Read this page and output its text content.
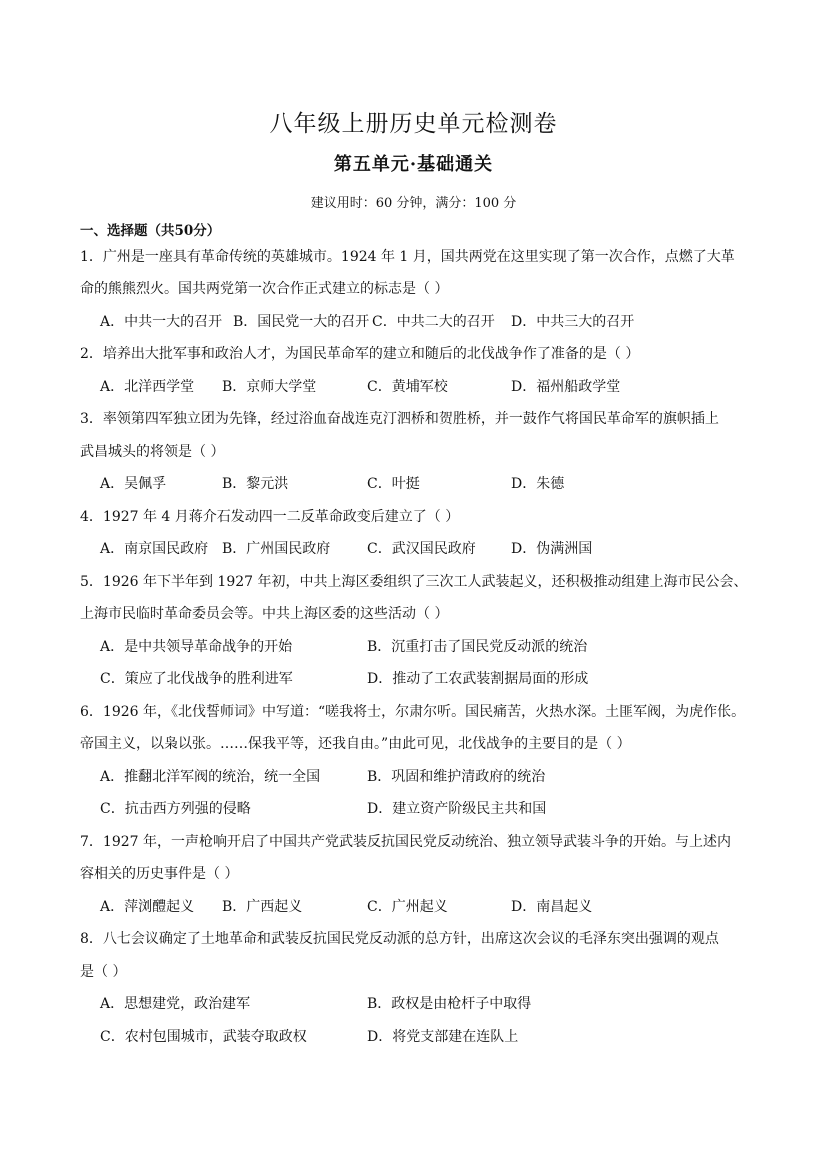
八年级上册历史单元检测卷
第五单元·基础通关
建议用时：60 分钟，满分：100 分
一、选择题（共50分）
1．广州是一座具有革命传统的英雄城市。1924 年 1 月，国共两党在这里实现了第一次合作，点燃了大革
命的熊熊烈火。国共两党第一次合作正式建立的标志是（ ）
A．中共一大的召开 B．国民党一大的召开 C．中共二大的召开 D．中共三大的召开
2．培养出大批军事和政治人才，为国民革命军的建立和随后的北伐战争作了准备的是（ ）
A．北洋西学堂 B．京师大学堂	C．黄埔军校	D．福州船政学堂
3．率领第四军独立团为先锋，经过浴血奋战连克汀泗桥和贺胜桥，并一鼓作气将国民革命军的旗帜插上
武昌城头的将领是（ ）
A．吴佩孚	B．黎元洪	C．叶挺	D．朱德
4．1927 年 4 月蒋介石发动四一二反革命政变后建立了（ ）
A．南京国民政府 B．广州国民政府	C．武汉国民政府	D．伪满洲国
5．1926 年下半年到 1927 年初，中共上海区委组织了三次工人武装起义，还积极推动组建上海市民公会、
上海市民临时革命委员会等。中共上海区委的这些活动（ ）
A．是中共领导革命战争的开始	B．沉重打击了国民党反动派的统治
C．策应了北伐战争的胜利进军	D．推动了工农武装割据局面的形成
6．1926 年，《北伐誓师词》中写道：“嗟我将士，尔肃尔听。国民痛苦，火热水深。土匪军阀，为虎作伥。
帝国主义，以枭以张。……保我平等，还我自由。”由此可见，北伐战争的主要目的是（ ）
A．推翻北洋军阀的统治，统一全国	B．巩固和维护清政府的统治
C．抗击西方列强的侵略	D．建立资产阶级民主共和国
7．1927 年，一声枪响开启了中国共产党武装反抗国民党反动统治、独立领导武装斗争的开始。与上述内
容相关的历史事件是（ ）
A．萍浏醴起义 B．广西起义	C．广州起义	D．南昌起义
8．八七会议确定了土地革命和武装反抗国民党反动派的总方针，出席这次会议的毛泽东突出强调的观点
是（ ）
A．思想建党，政治建军	B．政权是由枪杆子中取得
C．农村包围城市，武装夺取政权	D．将党支部建在连队上
